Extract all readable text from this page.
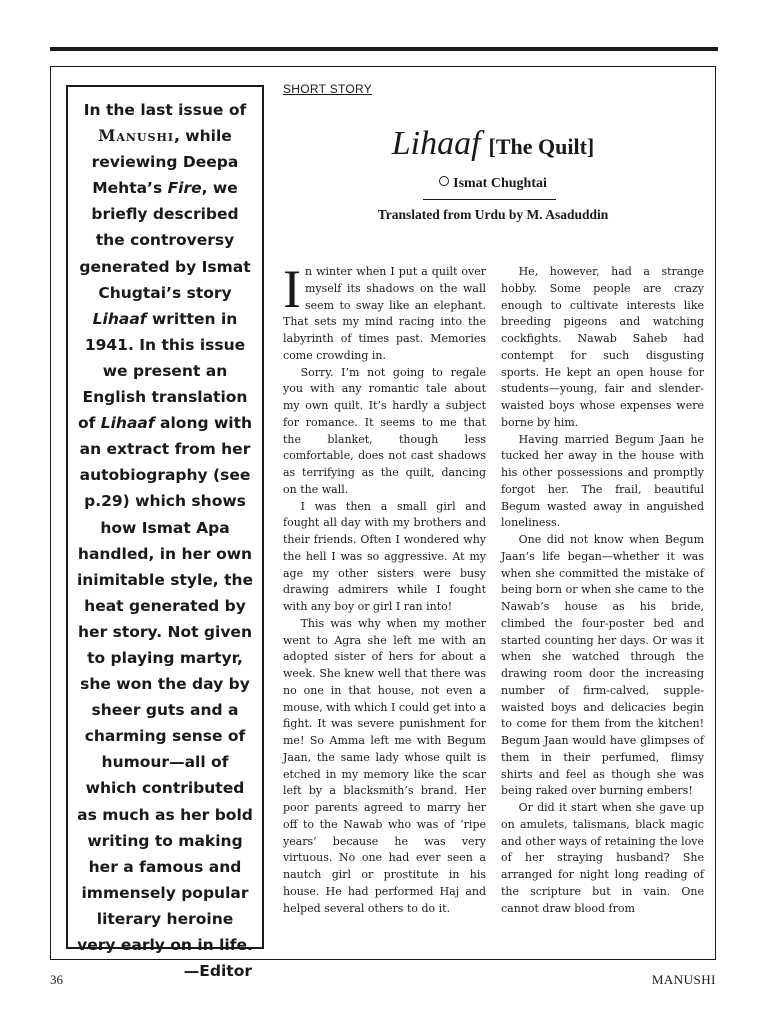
In the last issue of Manushi, while reviewing Deepa Mehta’s Fire, we briefly described the controversy generated by Ismat Chugtai’s story Lihaaf written in 1941. In this issue we present an English translation of Lihaaf along with an extract from her autobiography (see p.29) which shows how Ismat Apa handled, in her own inimitable style, the heat generated by her story. Not given to playing martyr, she won the day by sheer guts and a charming sense of humour—all of which contributed as much as her bold writing to making her a famous and immensely popular literary heroine very early on in life.
—Editor
SHORT STORY
Lihaaf [The Quilt]
Ismat Chughtai
Translated from Urdu by M. Asaduddin

In winter when I put a quilt over myself its shadows on the wall seem to sway like an elephant. That sets my mind racing into the labyrinth of times past. Memories come crowding in.

Sorry. I’m not going to regale you with any romantic tale about my own quilt. It’s hardly a subject for romance. It seems to me that the blanket, though less comfortable, does not cast shadows as terrifying as the quilt, dancing on the wall.

I was then a small girl and fought all day with my brothers and their friends. Often I wondered why the hell I was so aggressive. At my age my other sisters were busy drawing admirers while I fought with any boy or girl I ran into!

This was why when my mother went to Agra she left me with an adopted sister of hers for about a week. She knew well that there was no one in that house, not even a mouse, with which I could get into a fight. It was severe punishment for me! So Amma left me with Begum Jaan, the same lady whose quilt is etched in my memory like the scar left by a blacksmith’s brand. Her poor parents agreed to marry her off to the Nawab who was of ‘ripe years’ because he was very virtuous. No one had ever seen a nautch girl or prostitute in his house. He had performed Haj and helped several others to do it.

He, however, had a strange hobby. Some people are crazy enough to cultivate interests like breeding pigeons and watching cockfights. Nawab Saheb had contempt for such disgusting sports. He kept an open house for students—young, fair and slender-waisted boys whose expenses were borne by him.

Having married Begum Jaan he tucked her away in the house with his other possessions and promptly forgot her. The frail, beautiful Begum wasted away in anguished loneliness.

One did not know when Begum Jaan’s life began—whether it was when she committed the mistake of being born or when she came to the Nawab’s house as his bride, climbed the four-poster bed and started counting her days. Or was it when she watched through the drawing room door the increasing number of firm-calved, supple-waisted boys and delicacies begin to come for them from the kitchen! Begum Jaan would have glimpses of them in their perfumed, flimsy shirts and feel as though she was being raked over burning embers!

Or did it start when she gave up on amulets, talismans, black magic and other ways of retaining the love of her straying husband? She arranged for night long reading of the scripture but in vain. One cannot draw blood from

36	MANUSHI
